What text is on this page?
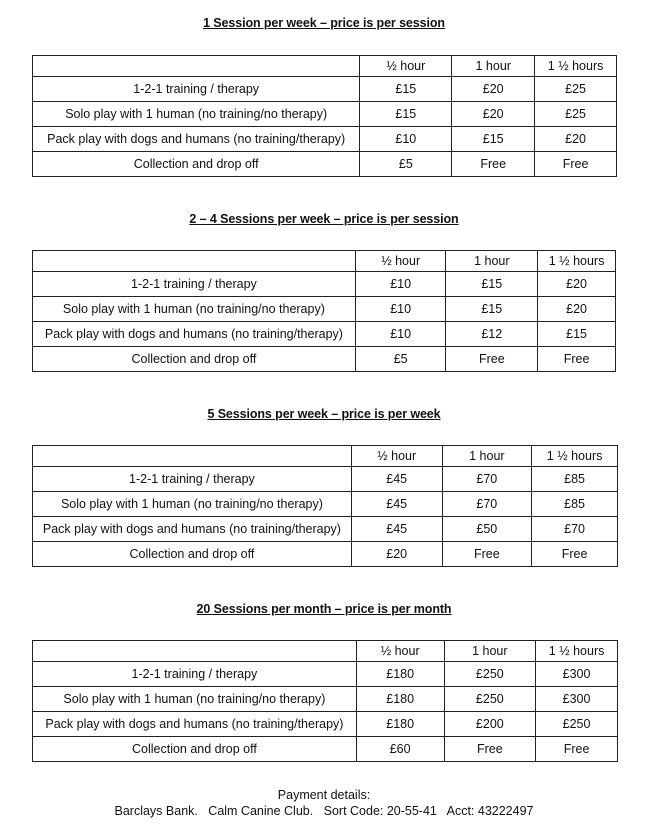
1 Session per week – price is per session
	½ hour	1 hour	1 ½ hours
1-2-1 training / therapy	£15	£20	£25
Solo play with 1 human (no training/no therapy)	£15	£20	£25
Pack play with dogs and humans (no training/therapy)	£10	£15	£20
Collection and drop off	£5	Free	Free
2 – 4 Sessions per week – price is per session
	½ hour	1 hour	1 ½ hours
1-2-1 training / therapy	£10	£15	£20
Solo play with 1 human (no training/no therapy)	£10	£15	£20
Pack play with dogs and humans (no training/therapy)	£10	£12	£15
Collection and drop off	£5	Free	Free
5 Sessions per week – price is per week
	½ hour	1 hour	1 ½ hours
1-2-1 training / therapy	£45	£70	£85
Solo play with 1 human (no training/no therapy)	£45	£70	£85
Pack play with dogs and humans (no training/therapy)	£45	£50	£70
Collection and drop off	£20	Free	Free
20 Sessions per month – price is per month
	½ hour	1 hour	1 ½ hours
1-2-1 training / therapy	£180	£250	£300
Solo play with 1 human (no training/no therapy)	£180	£250	£300
Pack play with dogs and humans (no training/therapy)	£180	£200	£250
Collection and drop off	£60	Free	Free
Payment details:
Barclays Bank.   Calm Canine Club.   Sort Code: 20-55-41   Acct: 43222497
